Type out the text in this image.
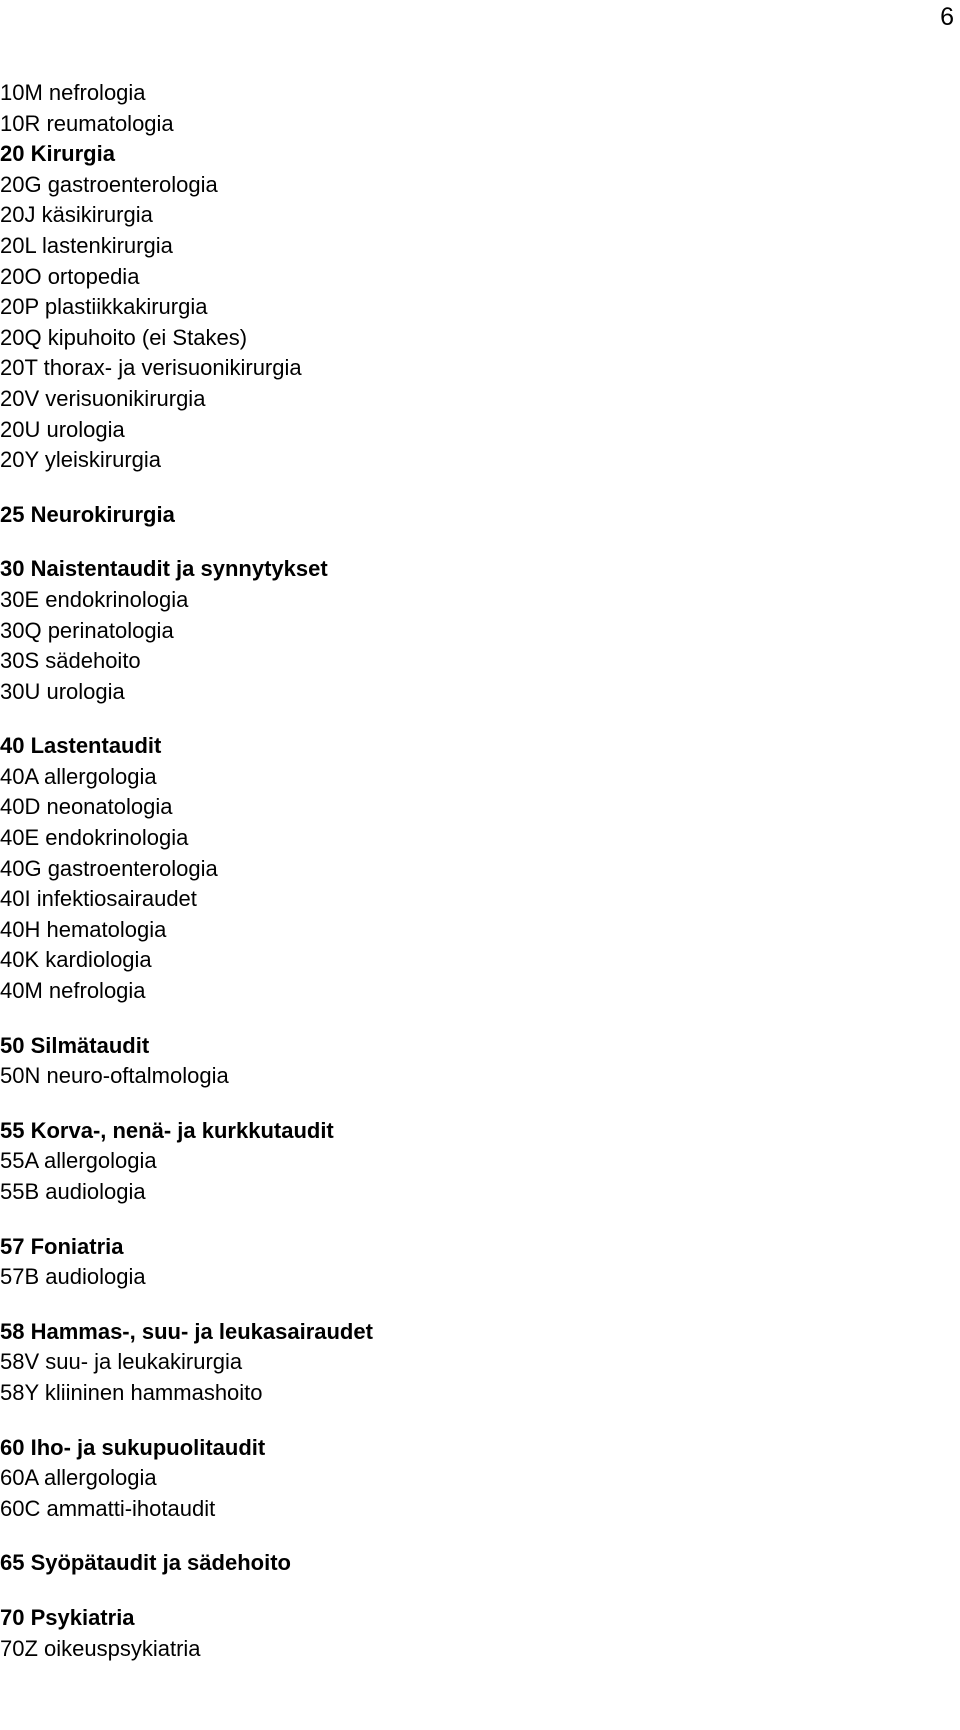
6
10M nefrologia
10R reumatologia
20 Kirurgia
20G gastroenterologia
20J käsikirurgia
20L lastenkirurgia
20O ortopedia
20P plastiikkakirurgia
20Q kipuhoito (ei Stakes)
20T thorax- ja verisuonikirurgia
20V verisuonikirurgia
20U urologia
20Y yleiskirurgia
25 Neurokirurgia
30 Naistentaudit ja synnytykset
30E endokrinologia
30Q perinatologia
30S sädehoito
30U urologia
40 Lastentaudit
40A allergologia
40D neonatologia
40E endokrinologia
40G gastroenterologia
40I infektiosairaudet
40H hematologia
40K kardiologia
40M nefrologia
50 Silmätaudit
50N neuro-oftalmologia
55 Korva-, nenä- ja kurkkutaudit
55A allergologia
55B audiologia
57 Foniatria
57B audiologia
58 Hammas-, suu- ja leukasairaudet
58V suu- ja leukakirurgia
58Y kliininen hammashoito
60 Iho- ja sukupuolitaudit
60A allergologia
60C ammatti-ihotaudit
65 Syöpätaudit ja sädehoito
70 Psykiatria
70Z oikeuspsykiatria
